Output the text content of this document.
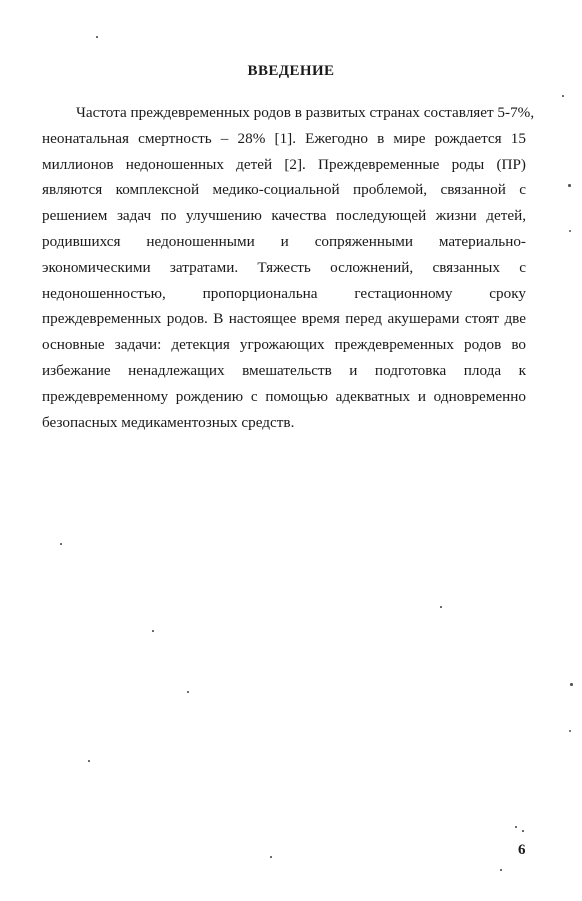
ВВЕДЕНИЕ
Частота преждевременных родов в развитых странах составляет 5-7%,
неонатальная смертность – 28% [1]. Ежегодно в мире рождается 15
миллионов недоношенных детей [2]. Преждевременные роды (ПР)
являются комплексной медико-социальной проблемой, связанной с
решением задач по улучшению качества последующей жизни детей,
родившихся недоношенными и сопряженными материально-
экономическими затратами. Тяжесть осложнений, связанных с
недоношенностью, пропорциональна гестационному сроку
преждевременных родов. В настоящее время перед акушерами стоят две
основные задачи: детекция угрожающих преждевременных родов во
избежание ненадлежащих вмешательств и подготовка плода к
преждевременному рождению с помощью адекватных и одновременно
безопасных медикаментозных средств.
6
